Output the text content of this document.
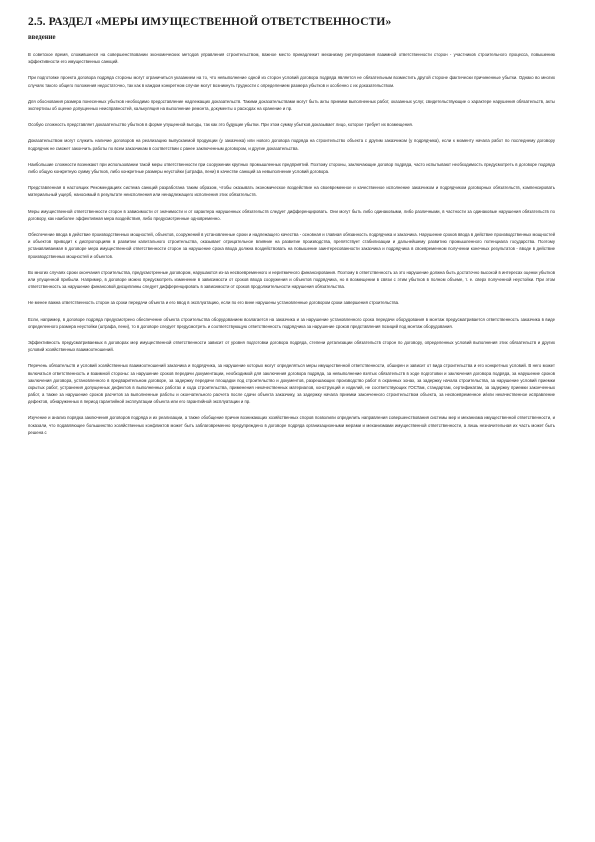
2.5. РАЗДЕЛ «МЕРЫ ИМУЩЕСТВЕННОЙ ОТВЕТСТВЕННОСТИ»
введение

В советское время, сложившееся на совершенствовании экономических методов управления строительством, важное место принадлежит механизму регулирования взаимной ответственности сторон - участников строительного процесса, повышению эффективности его имущественных санкций.

При подготовке проекта договора подряда стороны могут ограничиться указанием на то, что невыполнение одной из сторон условий договора подряда является не обязательным возместить другой стороне фактически причиненные убытки. Однако во многих случаях такого общего положения недостаточно, так как в каждом конкретном случае могут возникнуть трудности с определением размера убытков и особенно с их доказательством.

Для обоснования размера понесенных убытков необходимо предоставление надлежащих доказательств. Такими доказательствами могут быть акты приемки выполненных работ, оказанных услуг, свидетельствующие о характере нарушения обязательств, акты экспертизы об оценке допущенных неисправностей, калькуляция на выполнение ремонта, документы о расходах на хранение и пр.

Особую сложность представляет доказательство убытков в форме упущенной выгоды, так как это будущие убытки. При этом сумму убытков доказывает лицо, которое требует их возмещения.

Доказательством могут служить наличие договоров на реализацию выпускаемой продукции (у заказчика) или нового договора подряда на строительство объекта с другим заказчиком (у подрядчика), если к моменту начала работ по последнему договору подрядчик не сможет закончить работы по всем заказчикам в соответствии с ранее заключенным договором, и другие доказательства.

Наибольшие сложности возникают при использовании такой меры ответственности при сооружении крупных промышленных предприятий. Поэтому стороны, заключающие договор подряда, часто испытывают необходимость предусмотреть в договоре подряда либо общую конкретную сумму убытков, либо конкретные размеры неустойки (штрафа, пени) в качестве санкций за невыполнение условий договора.

Представленная в настоящих Рекомендациях система санкций разработана таким образом, чтобы оказывать экономическое воздействие на своевременное и качественное исполнение заказчиком и подрядчиком договорных обязательств, компенсировать материальный ущерб, наносимый в результате неисполнения или ненадлежащего исполнения этих обязательств.

Меры имущественной ответственности сторон в зависимости от значимости и от характера нарушенных обязательств следует дифференцировать. Они могут быть либо одинаковыми, либо различными, в частности за одинаковые нарушения обязательств по договору, как наиболее эффективная мера воздействия, либо предусмотренные одновременно.

Обеспечение ввода в действие производственных мощностей, объектов, сооружений в установленные сроки и надлежащего качества - основная и главная обязанность подрядчика и заказчика. Нарушение сроков ввода в действие производственных мощностей и объектов приводит к диспропорциям в развитии капитального строительства, оказывает отрицательное влияние на развитие производства, препятствует стабилизации и дальнейшему развитию промышленного потенциала государства. Поэтому устанавливаемая в договоре мера имущественной ответственности сторон за нарушение срока ввода должна воздействовать на повышение заинтересованности заказчика и подрядчика в своевременном получении конечных результатов - вводе в действие производственных мощностей и объектов.

Во многих случаях сроки окончания строительства, предусмотренные договором, нарушаются из-за несвоевременного и неритмичного финансирования. Поэтому в ответственность за это нарушение должна быть достаточно высокой в интересах оценки убытков или упущенной прибыли. Например, в договоре можно предусмотреть изменение в зависимости от сроков ввода сооружения и объектов подрядчика, но в возмещении в связи с этим убытков в полном объеме, т. е. сверх полученной неустойки. При этом ответственность за нарушение финансовой дисциплины следует дифференцировать в зависимости от сроков продолжительности нарушения обязательства.

Не менее важна ответственность сторон за сроки передачи объекта и его ввод в эксплуатацию, если по его вине нарушены установленные договором сроки завершения строительства.

Если, например, в договоре подряда предусмотрено обеспечение объекта строительства оборудованием возлагается на заказчика и за нарушение установленного срока передачи оборудования в монтаж предусматривается ответственность заказчика в виде определенного размера неустойки (штрафа, пени), то в договоре следует предусмотреть и соответствующую ответственность подрядчика за нарушение сроков представления позиций под монтаж оборудования.

Эффективность предусматриваемых в договорах мер имущественной ответственности зависит от уровня подготовки договора подряда, степени детализации обязательств сторон по договору, определенных условий выполнения этих обязательств и других условий хозяйственных взаимоотношений.

Перечень обязательств и условий хозяйственных взаимоотношений заказчика и подрядчика, за нарушение которых могут определяться меры имущественной ответственности, обширен и зависит от вида строительства и его конкретных условий. В него может включаться ответственность и взаимной стороны: за нарушение сроков передачи документации, необходимой для заключения договора подряда, за невыполнение взятых обязательств в ходе подготовки и заключения договора подряда, за нарушение сроков заключения договора, установленного в предварительном договоре, за задержку передачи площадки под строительство и документов, разрешающих производство работ в охранных зонах, за задержку начала строительства, за нарушение условий приемки скрытых работ, устранения допущенных дефектов в выполненных работах и хода строительства, применения некачественных материалов, конструкций и изделий, не соответствующих ГОСТам, стандартам, сертификатам, за задержку приемки законченных работ, а также за нарушение сроков расчетов за выполненные работы и окончательного расчета после сдачи объекта заказчику, за задержку начала приемки законченного строительством объекта, за несвоевременное и/или некачественное исправление дефектов, обнаруженных в период гарантийной эксплуатации объекта или его гарантийной эксплуатации и пр.

Изучение и анализ порядка заключения договоров подряда и их реализации, а также обобщение причин возникающих хозяйственных споров позволили определить направления совершенствования системы мер и механизма имущественной ответственности, и показали, что подавляющее большинство хозяйственных конфликтов может быть заблаговременно предупреждено в договоре подряда организационными мерами и механизмами имущественной ответственности, а лишь незначительная их часть может быть решена с
